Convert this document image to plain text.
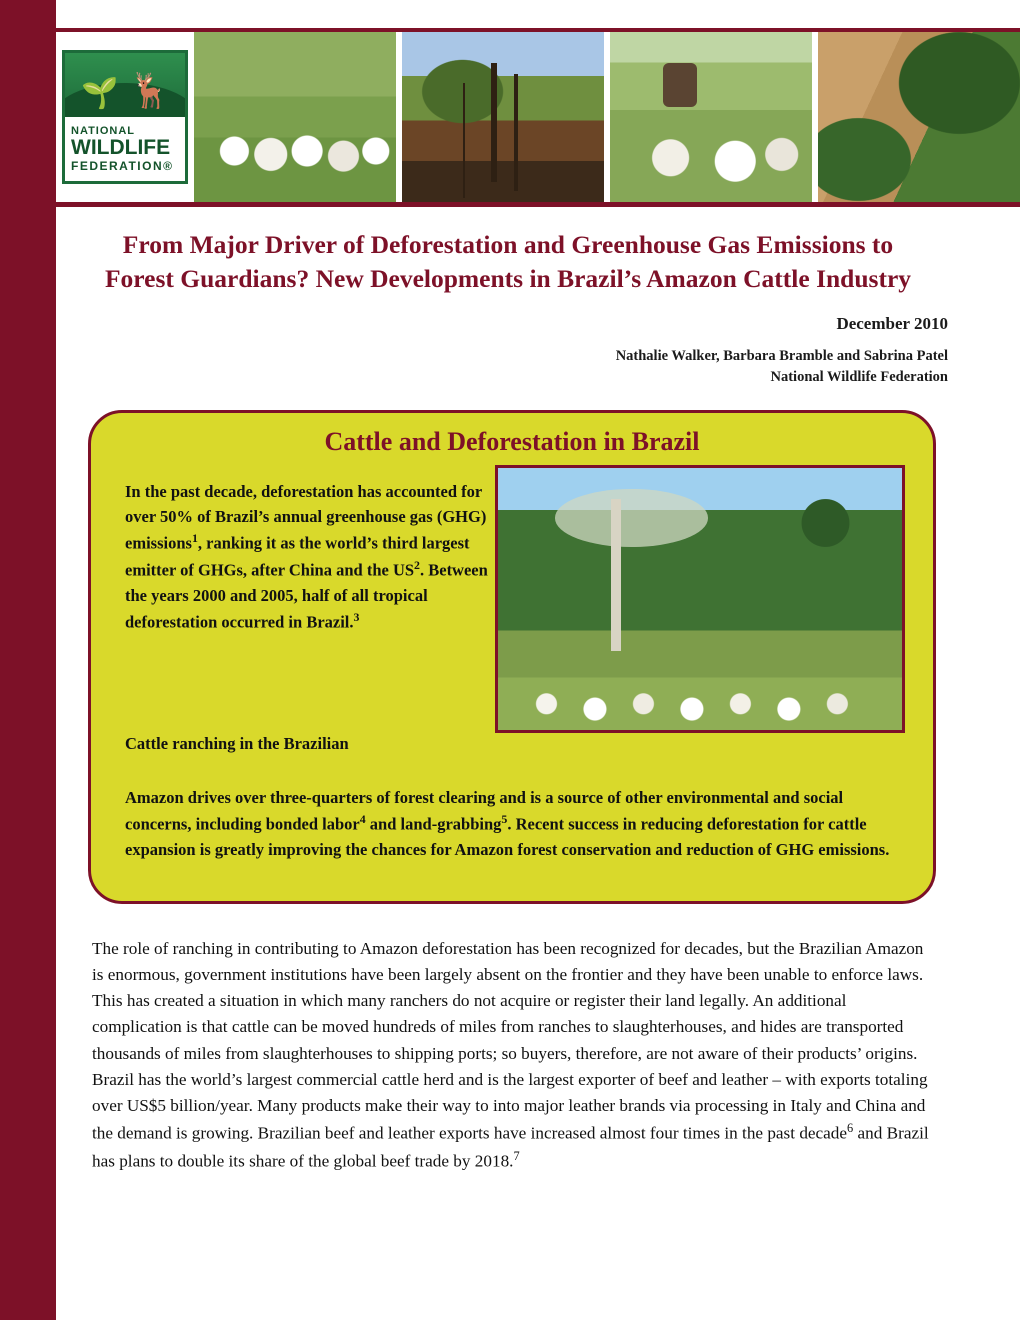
🌱 🦌
NATIONAL
WILDLIFE
FEDERATION®
From Major Driver of Deforestation and Greenhouse Gas Emissions to
Forest Guardians? New Developments in Brazil’s Amazon Cattle Industry
December 2010
Nathalie Walker, Barbara Bramble and Sabrina Patel
National Wildlife Federation
Cattle and Deforestation in Brazil
In the past decade, deforestation has accounted for over 50% of Brazil’s annual greenhouse gas (GHG) emissions$^1$, ranking it as the world’s third largest emitter of GHGs, after China and the $US^2$. Between the years 2000 and 2005, half of all tropical deforestation occurred in Brazil.$^3$
Cattle ranching in the Brazilian
Amazon drives over three-quarters of forest clearing and is a source of other environmental and social concerns, including bonded labor$^4$ and land-grabbing$^5$. Recent success in reducing deforestation for cattle expansion is greatly improving the chances for Amazon forest conservation and reduction of GHG emissions.
The role of ranching in contributing to Amazon deforestation has been recognized for decades, but the Brazilian Amazon is enormous, government institutions have been largely absent on the frontier and they have been unable to enforce laws. This has created a situation in which many ranchers do not acquire or register their land legally. An additional complication is that cattle can be moved hundreds of miles from ranches to slaughterhouses, and hides are transported thousands of miles from slaughterhouses to shipping ports; so buyers, therefore, are not aware of their products’ origins. Brazil has the world’s largest commercial cattle herd and is the largest exporter of beef and leather – with exports totaling over US$5 billion/year. Many products make their way to into major leather brands via processing in Italy and China and the demand is growing. Brazilian beef and leather exports have increased almost four times in the past decade$^6$ and Brazil has plans to double its share of the global beef trade by 2018.$^7$
